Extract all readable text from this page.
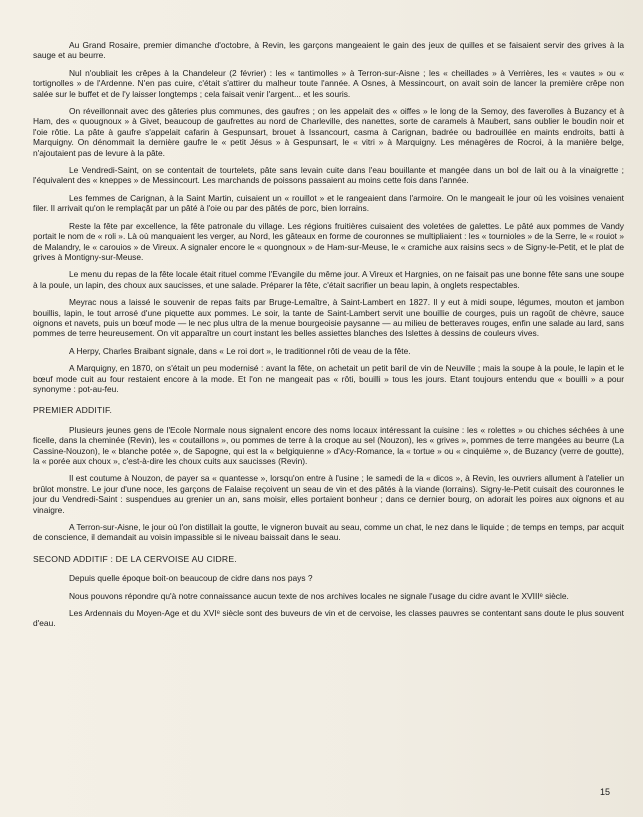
Au Grand Rosaire, premier dimanche d'octobre, à Revin, les garçons mangeaient le gain des jeux de quilles et se faisaient servir des grives à la sauge et au beurre.

Nul n'oubliait les crêpes à la Chandeleur (2 février) : les « tantimolles » à Terron-sur-Aisne ; les « cheillades » à Verrières, les « vautes » ou « tortignolles » de l'Ardenne. N'en pas cuire, c'était s'attirer du malheur toute l'année. A Osnes, à Messincourt, on avait soin de lancer la première crêpe non salée sur le buffet et de l'y laisser longtemps ; cela faisait venir l'argent... et les souris.

On réveillonnait avec des gâteries plus communes, des gaufres ; on les appelait des « oiffes » le long de la Semoy, des faverolles à Buzancy et à Ham, des « quougnoux » à Givet, beaucoup de gaufrettes au nord de Charleville, des nanettes, sorte de caramels à Maubert, sans oublier le boudin noir et l'oie rôtie. La pâte à gaufre s'appelait cafarin à Gespunsart, brouet à Issancourt, casma à Carignan, badrée ou badrouillée en maints endroits, batti à Marquigny. On dénommait la dernière gaufre le « petit Jésus » à Gespunsart, le « vitri » à Marquigny. Les ménagères de Rocroi, à la manière belge, n'ajoutaient pas de levure à la pâte.

Le Vendredi-Saint, on se contentait de tourtelets, pâte sans levain cuite dans l'eau bouillante et mangée dans un bol de lait ou à la vinaigrette ; l'équivalent des « kneppes » de Messincourt. Les marchands de poissons passaient au moins cette fois dans l'année.

Les femmes de Carignan, à la Saint Martin, cuisaient un « rouillot » et le rangeaient dans l'armoire. On le mangeait le jour où les voisines venaient filer. Il arrivait qu'on le remplaçât par un pâté à l'oie ou par des pâtés de porc, bien lorrains.

Reste la fête par excellence, la fête patronale du village. Les régions fruitières cuisaient des voletées de galettes. Le pâté aux pommes de Vandy portait le nom de « roli ». Là où manquaient les verger, au Nord, les gâteaux en forme de couronnes se multipliaient : les « tournioles » de la Serre, le « rouiot » de Malandry, le « carouios » de Vireux. A signaler encore le « quongnoux » de Ham-sur-Meuse, le « cramiche aux raisins secs » de Signy-le-Petit, et le plat de grives à Montigny-sur-Meuse.

Le menu du repas de la fête locale était rituel comme l'Evangile du même jour. A Vireux et Hargnies, on ne faisait pas une bonne fête sans une soupe à la poule, un lapin, des choux aux saucisses, et une salade. Préparer la fête, c'était sacrifier un beau lapin, à onglets respectables.

Meyrac nous a laissé le souvenir de repas faits par Bruge-Lemaître, à Saint-Lambert en 1827. Il y eut à midi soupe, légumes, mouton et jambon bouillis, lapin, le tout arrosé d'une piquette aux pommes. Le soir, la tante de Saint-Lambert servit une bouillie de courges, puis un ragoût de chèvre, sauce oignons et navets, puis un bœuf mode — le nec plus ultra de la menue bourgeoisie paysanne — au milieu de betteraves rouges, enfin une salade au lard, sans pommes de terre heureusement. On vit apparaître un court instant les belles assiettes blanches des Islettes à dessins de couleurs vives.

A Herpy, Charles Braibant signale, dans « Le roi dort », le traditionnel rôti de veau de la fête.

A Marquigny, en 1870, on s'était un peu modernisé : avant la fête, on achetait un petit baril de vin de Neuville ; mais la soupe à la poule, le lapin et le bœuf mode cuit au four restaient encore à la mode. Et l'on ne mangeait pas « rôti, bouilli » tous les jours. Etant toujours entendu que « bouilli » a pour synonyme : pot-au-feu.

PREMIER ADDITIF.

Plusieurs jeunes gens de l'Ecole Normale nous signalent encore des noms locaux intéressant la cuisine : les « rolettes » ou chiches séchées à une ficelle, dans la cheminée (Revin), les « coutaillons », ou pommes de terre à la croque au sel (Nouzon), les « grives », pommes de terre mangées au beurre (La Cassine-Nouzon), le « blanche potée », de Sapogne, qui est la « belgiquienne » d'Acy-Romance, la « tortue » ou « cinquième », de Buzancy (verre de goutte), la « porée aux choux », c'est-à-dire les choux cuits aux saucisses (Revin).

Il est coutume à Nouzon, de payer sa « quantesse », lorsqu'on entre à l'usine ; le samedi de la « dicos », à Revin, les ouvriers allument à l'atelier un brûlot monstre. Le jour d'une noce, les garçons de Falaise reçoivent un seau de vin et des pâtés à la viande (lorrains). Signy-le-Petit cuisait des couronnes le jour du Vendredi-Saint : suspendues au grenier un an, sans moisir, elles portaient bonheur ; dans ce dernier bourg, on adorait les poires aux oignons et au vinaigre.

A Terron-sur-Aisne, le jour où l'on distillait la goutte, le vigneron buvait au seau, comme un chat, le nez dans le liquide ; de temps en temps, par acquit de conscience, il demandait au voisin impassible si le niveau baissait dans le seau.

SECOND ADDITIF : DE LA CERVOISE AU CIDRE.

Depuis quelle époque boit-on beaucoup de cidre dans nos pays ?

Nous pouvons répondre qu'à notre connaissance aucun texte de nos archives locales ne signale l'usage du cidre avant le XVIIIᵉ siècle.

Les Ardennais du Moyen-Age et du XVIᵉ siècle sont des buveurs de vin et de cervoise, les classes pauvres se contentant sans doute le plus souvent d'eau.

15
